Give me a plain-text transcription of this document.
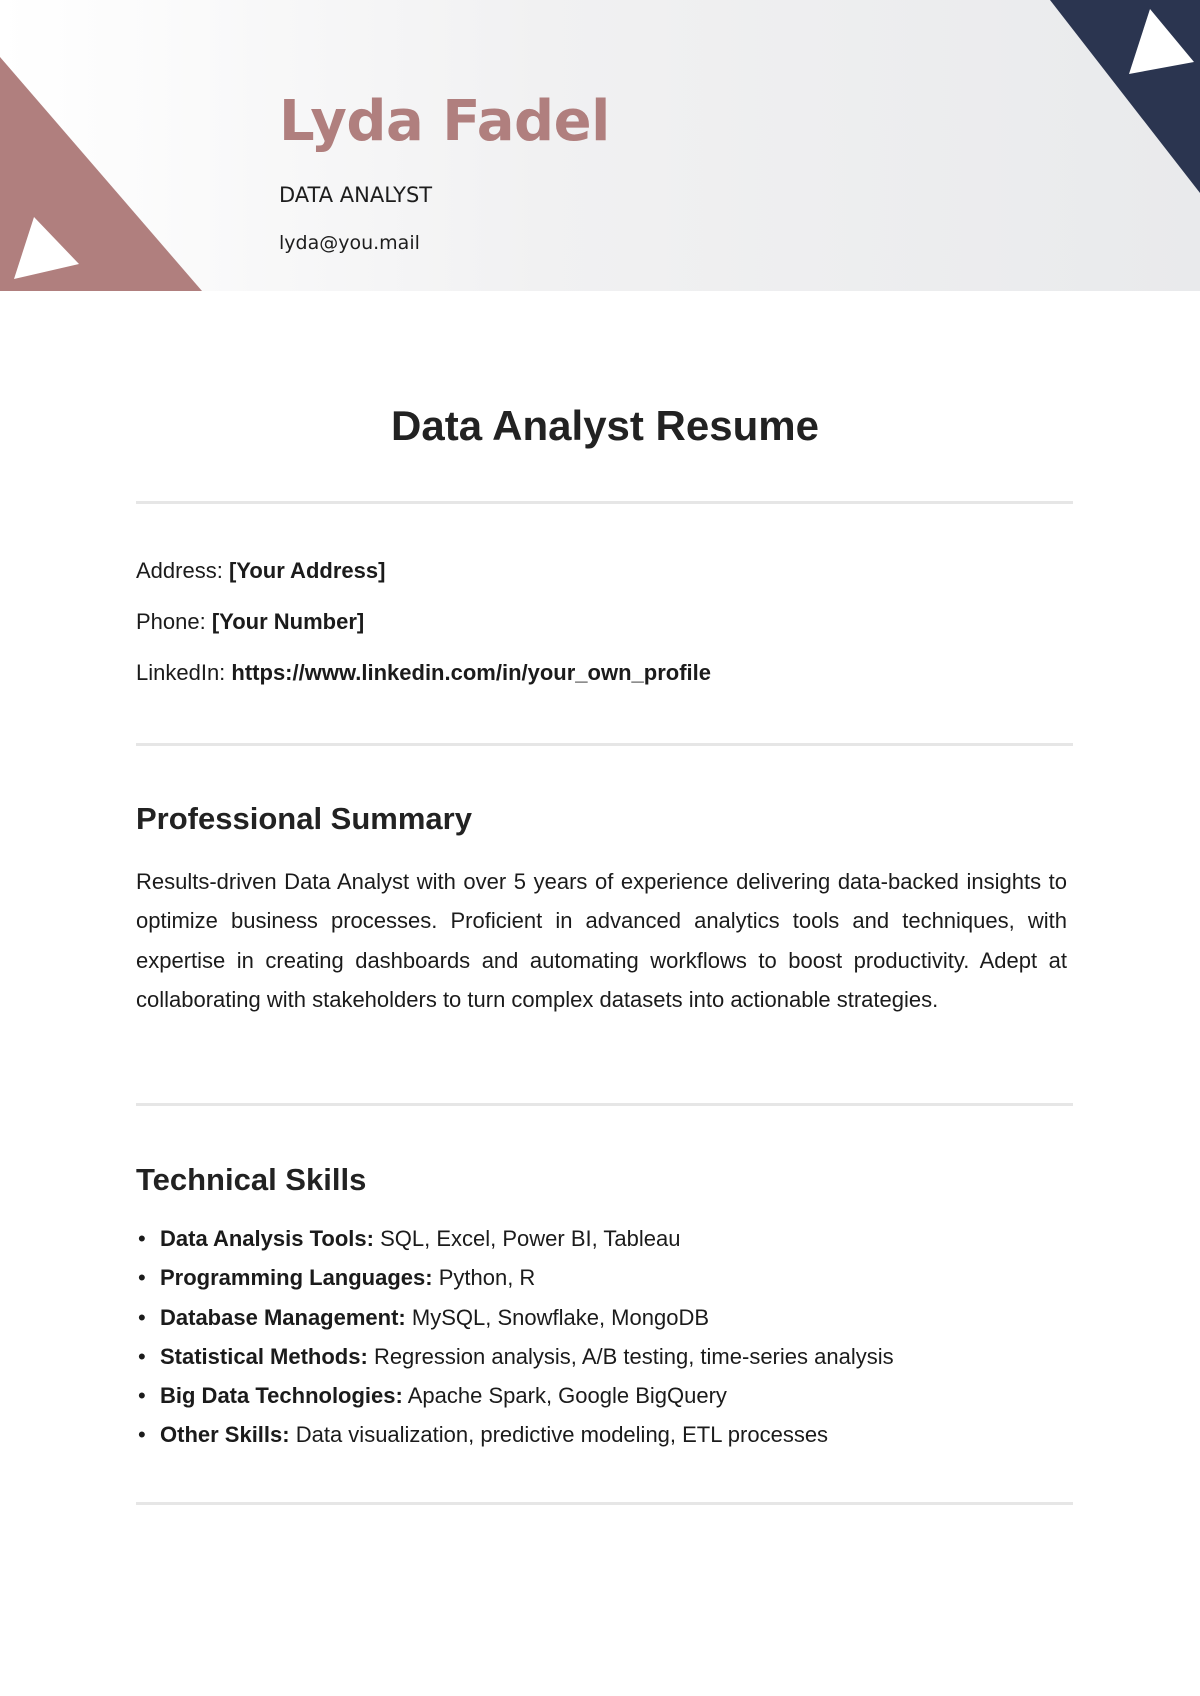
Lyda Fadel

DATA ANALYST

lyda@you.mail

Data Analyst Resume
Address: [Your Address]
Phone: [Your Number]
LinkedIn: https://www.linkedin.com/in/your_own_profile
Professional Summary

Results-driven Data Analyst with over 5 years of experience delivering data-backed insights to optimize business processes. Proficient in advanced analytics tools and techniques, with expertise in creating dashboards and automating workflows to boost productivity. Adept at collaborating with stakeholders to turn complex datasets into actionable strategies.

Technical Skills
• Data Analysis Tools: SQL, Excel, Power BI, Tableau
• Programming Languages: Python, R
• Database Management: MySQL, Snowflake, MongoDB
• Statistical Methods: Regression analysis, A/B testing, time-series analysis
• Big Data Technologies: Apache Spark, Google BigQuery
• Other Skills: Data visualization, predictive modeling, ETL processes
